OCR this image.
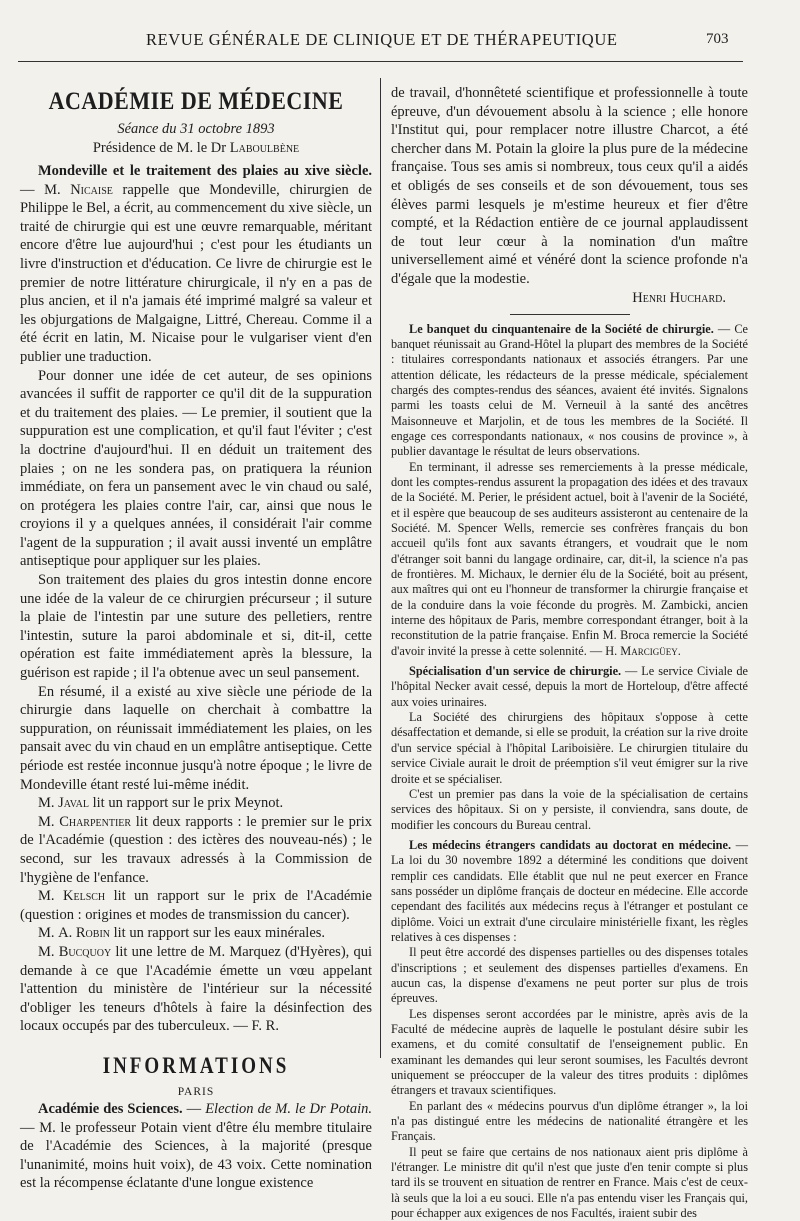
REVUE GÉNÉRALE DE CLINIQUE ET DE THÉRAPEUTIQUE	703
ACADÉMIE DE MÉDECINE
Séance du 31 octobre 1893
Présidence de M. le Dr Laboulbène

Mondeville et le traitement des plaies au xive siècle. — M. Nicaise rappelle que Mondeville, chirurgien de Philippe le Bel, a écrit, au commencement du xive siècle, un traité de chirurgie qui est une œuvre remarquable, méritant encore d'être lue aujourd'hui ; c'est pour les étudiants un livre d'instruction et d'éducation. Ce livre de chirurgie est le premier de notre littérature chirurgicale, il n'y en a pas de plus ancien, et il n'a jamais été imprimé malgré sa valeur et les objurgations de Malgaigne, Littré, Chereau. Comme il a été écrit en latin, M. Nicaise pour le vulgariser vient d'en publier une traduction.

Pour donner une idée de cet auteur, de ses opinions avancées il suffit de rapporter ce qu'il dit de la suppuration et du traitement des plaies. — Le premier, il soutient que la suppuration est une complication, et qu'il faut l'éviter ; c'est la doctrine d'aujourd'hui. Il en déduit un traitement des plaies ; on ne les sondera pas, on pratiquera la réunion immédiate, on fera un pansement avec le vin chaud ou salé, on protégera les plaies contre l'air, car, ainsi que nous le croyions il y a quelques années, il considérait l'air comme l'agent de la suppuration ; il avait aussi inventé un emplâtre antiseptique pour appliquer sur les plaies.

Son traitement des plaies du gros intestin donne encore une idée de la valeur de ce chirurgien précurseur ; il suture la plaie de l'intestin par une suture des pelletiers, rentre l'intestin, suture la paroi abdominale et si, dit-il, cette opération est faite immédiatement après la blessure, la guérison est rapide ; il l'a obtenue avec un seul pansement.

En résumé, il a existé au xive siècle une période de la chirurgie dans laquelle on cherchait à combattre la suppuration, on réunissait immédiatement les plaies, on les pansait avec du vin chaud en un emplâtre antiseptique. Cette période est restée inconnue jusqu'à notre époque ; le livre de Mondeville étant resté lui-même inédit.

M. Javal lit un rapport sur le prix Meynot.

M. Charpentier lit deux rapports : le premier sur le prix de l'Académie (question : des ictères des nouveau-nés) ; le second, sur les travaux adressés à la Commission de l'hygiène de l'enfance.

M. Kelsch lit un rapport sur le prix de l'Académie (question : origines et modes de transmission du cancer).

M. A. Robin lit un rapport sur les eaux minérales.

M. Bucquoy lit une lettre de M. Marquez (d'Hyères), qui demande à ce que l'Académie émette un vœu appelant l'attention du ministère de l'intérieur sur la nécessité d'obliger les teneurs d'hôtels à faire la désinfection des locaux occupés par des tuberculeux. — F. R.

INFORMATIONS
PARIS

Académie des Sciences. — Election de M. le Dr Potain. — M. le professeur Potain vient d'être élu membre titulaire de l'Académie des Sciences, à la majorité (presque l'unanimité, moins huit voix), de 43 voix. Cette nomination est la récompense éclatante d'une longue existence

de travail, d'honnêteté scientifique et professionnelle à toute épreuve, d'un dévouement absolu à la science ; elle honore l'Institut qui, pour remplacer notre illustre Charcot, a été chercher dans M. Potain la gloire la plus pure de la médecine française. Tous ses amis si nombreux, tous ceux qu'il a aidés et obligés de ses conseils et de son dévouement, tous ses élèves parmi lesquels je m'estime heureux et fier d'être compté, et la Rédaction entière de ce journal applaudissent de tout leur cœur à la nomination d'un maître universellement aimé et vénéré dont la science profonde n'a d'égale que la modestie.

Henri Huchard.

Le banquet du cinquantenaire de la Société de chirurgie. — Ce banquet réunissait au Grand-Hôtel la plupart des membres de la Société : titulaires correspondants nationaux et associés étrangers. Par une attention délicate, les rédacteurs de la presse médicale, spécialement chargés des comptes-rendus des séances, avaient été invités. Signalons parmi les toasts celui de M. Verneuil à la santé des ancêtres Maisonneuve et Marjolin, et de tous les membres de la Société. Il engage ces correspondants nationaux, « nos cousins de province », à publier davantage le résultat de leurs observations.

En terminant, il adresse ses remerciements à la presse médicale, dont les comptes-rendus assurent la propagation des idées et des travaux de la Société. M. Perier, le président actuel, boit à l'avenir de la Société, et il espère que beaucoup de ses auditeurs assisteront au centenaire de la Société. M. Spencer Wells, remercie ses confrères français du bon accueil qu'ils font aux savants étrangers, et voudrait que le nom d'étranger soit banni du langage ordinaire, car, dit-il, la science n'a pas de frontières. M. Michaux, le dernier élu de la Société, boit au présent, aux maîtres qui ont eu l'honneur de transformer la chirurgie française et de la conduire dans la voie féconde du progrès. M. Zambicki, ancien interne des hôpitaux de Paris, membre correspondant étranger, boit à la reconstitution de la patrie française. Enfin M. Broca remercie la Société d'avoir invité la presse à cette solennité. — H. Marcigüey.

Spécialisation d'un service de chirurgie. — Le service Civiale de l'hôpital Necker avait cessé, depuis la mort de Horteloup, d'être affecté aux voies urinaires.

La Société des chirurgiens des hôpitaux s'oppose à cette désaffectation et demande, si elle se produit, la création sur la rive droite d'un service spécial à l'hôpital Lariboisière. Le chirurgien titulaire du service Civiale aurait le droit de préemption s'il veut émigrer sur la rive droite et se spécialiser.

C'est un premier pas dans la voie de la spécialisation de certains services des hôpitaux. Si on y persiste, il conviendra, sans doute, de modifier les concours du Bureau central.

Les médecins étrangers candidats au doctorat en médecine. — La loi du 30 novembre 1892 a déterminé les conditions que doivent remplir ces candidats. Elle établit que nul ne peut exercer en France sans posséder un diplôme français de docteur en médecine. Elle accorde cependant des facilités aux médecins reçus à l'étranger et postulant ce diplôme. Voici un extrait d'une circulaire ministérielle fixant, les règles relatives à ces dispenses :

Il peut être accordé des dispenses partielles ou des dispenses totales d'inscriptions ; et seulement des dispenses partielles d'examens. En aucun cas, la dispense d'examens ne peut porter sur plus de trois épreuves.

Les dispenses seront accordées par le ministre, après avis de la Faculté de médecine auprès de laquelle le postulant désire subir les examens, et du comité consultatif de l'enseignement public. En examinant les demandes qui leur seront soumises, les Facultés devront uniquement se préoccuper de la valeur des titres produits : diplômes étrangers et travaux scientifiques.

En parlant des « médecins pourvus d'un diplôme étranger », la loi n'a pas distingué entre les médecins de nationalité étrangère et les Français.

Il peut se faire que certains de nos nationaux aient pris diplôme à l'étranger. Le ministre dit qu'il n'est que juste d'en tenir compte si plus tard ils se trouvent en situation de rentrer en France. Mais c'est de ceux-là seuls que la loi a eu souci. Elle n'a pas entendu viser les Français qui, pour échapper aux exigences de nos Facultés, iraient subir des
